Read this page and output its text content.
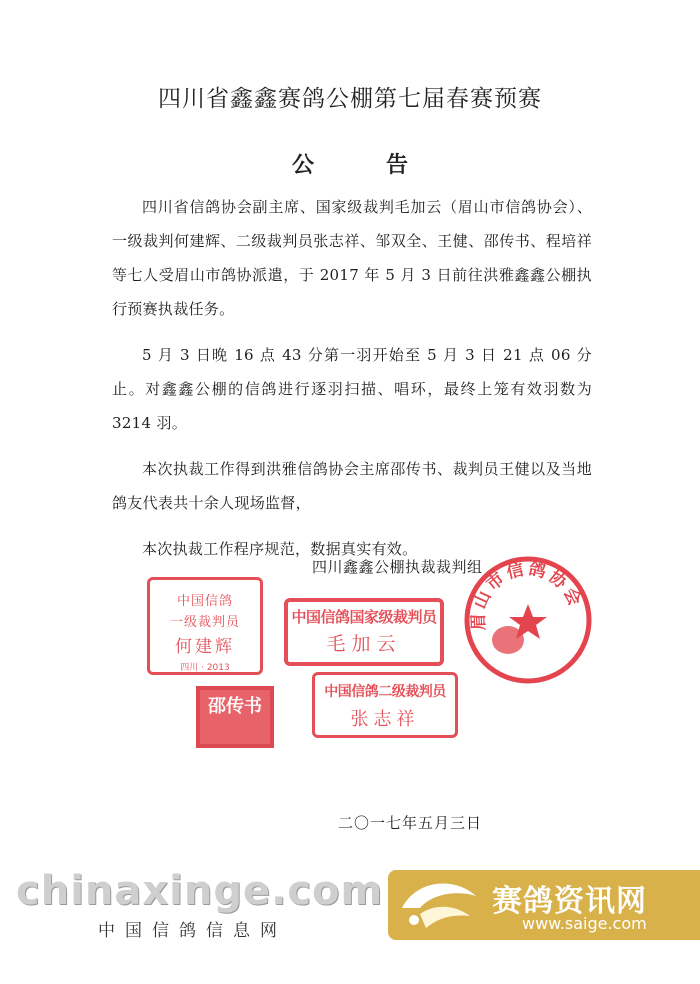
四川省鑫鑫赛鸽公棚第七届春赛预赛
公告

四川省信鸽协会副主席、国家级裁判毛加云（眉山市信鸽协会）、一级裁判何建辉、二级裁判员张志祥、邹双全、王健、邵传书、程培祥等七人受眉山市鸽协派遣，于 2017 年 5 月 3 日前往洪雅鑫鑫公棚执行预赛执裁任务。

5 月 3 日晚 16 点 43 分第一羽开始至 5 月 3 日 21 点 06 分止。对鑫鑫公棚的信鸽进行逐羽扫描、唱环，最终上笼有效羽数为 3214 羽。

本次执裁工作得到洪雅信鸽协会主席邵传书、裁判员王健以及当地鸽友代表共十余人现场监督，

本次执裁工作程序规范，数据真实有效。

四川鑫鑫公棚执裁裁判组
中国信鸽
一级裁判员
何建辉
四川 · 2013
中国信鸽国家级裁判员
毛加云
中国信鸽二级裁判员
张志祥
邵传书
眉山市信鸽协会
二〇一七年五月三日
chinaxinge.com
中国信鸽信息网
赛鸽资讯网
www.saige.com
